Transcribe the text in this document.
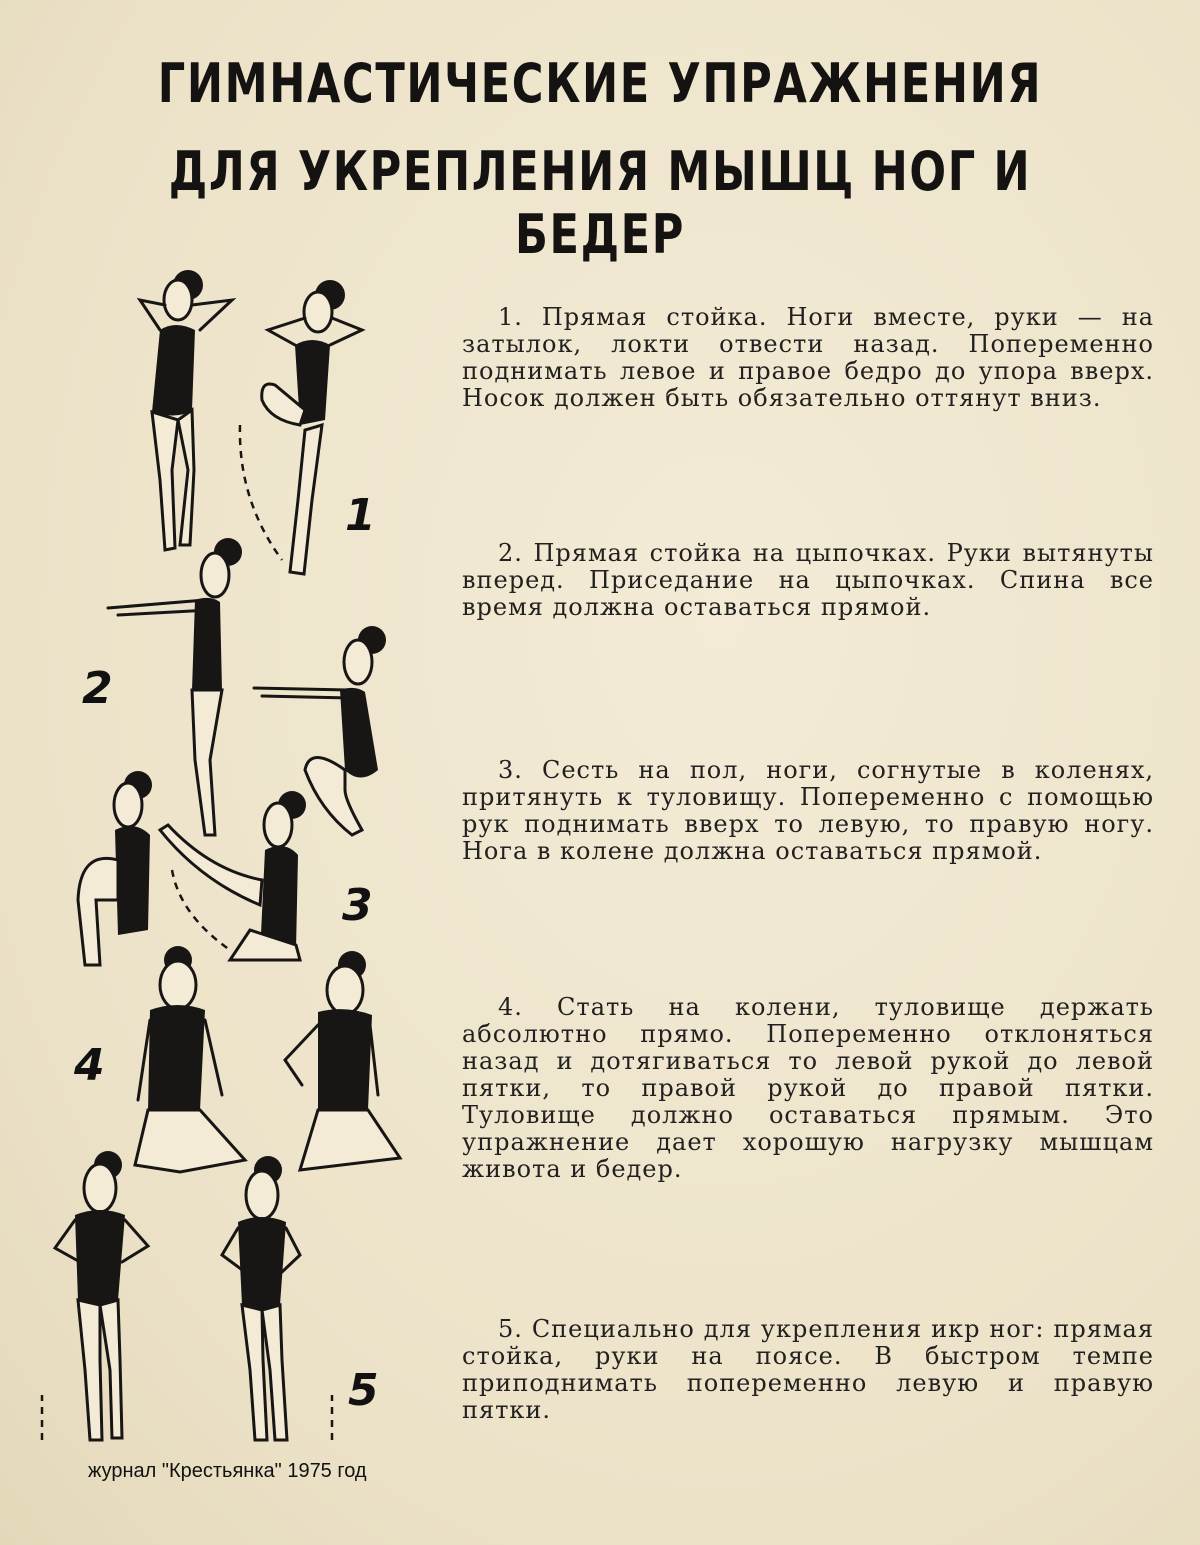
ГИМНАСТИЧЕСКИЕ УПРАЖНЕНИЯ
ДЛЯ УКРЕПЛЕНИЯ МЫШЦ НОГ И БЕДЕР
1
2
3
4
5

1. Прямая стойка. Ноги вместе, руки — на затылок, локти отвести назад. Попеременно поднимать левое и правое бедро до упора вверх. Носок должен быть обязательно оттянут вниз.

2. Прямая стойка на цыпочках. Руки вытянуты вперед. Приседание на цыпочках. Спина все время должна оставаться прямой.

3. Сесть на пол, ноги, согнутые в коленях, притянуть к туловищу. Попеременно с помощью рук поднимать вверх то левую, то правую ногу. Нога в колене должна оставаться прямой.

4. Стать на колени, туловище держать абсолютно прямо. Попеременно отклоняться назад и дотягиваться то левой рукой до левой пятки, то правой рукой до правой пятки. Туловище должно оставаться прямым. Это упражнение дает хорошую нагрузку мышцам живота и бедер.

5. Специально для укрепления икр ног: прямая стойка, руки на поясе. В быстром темпе приподнимать попеременно левую и правую пятки.

журнал "Крестьянка" 1975 год
